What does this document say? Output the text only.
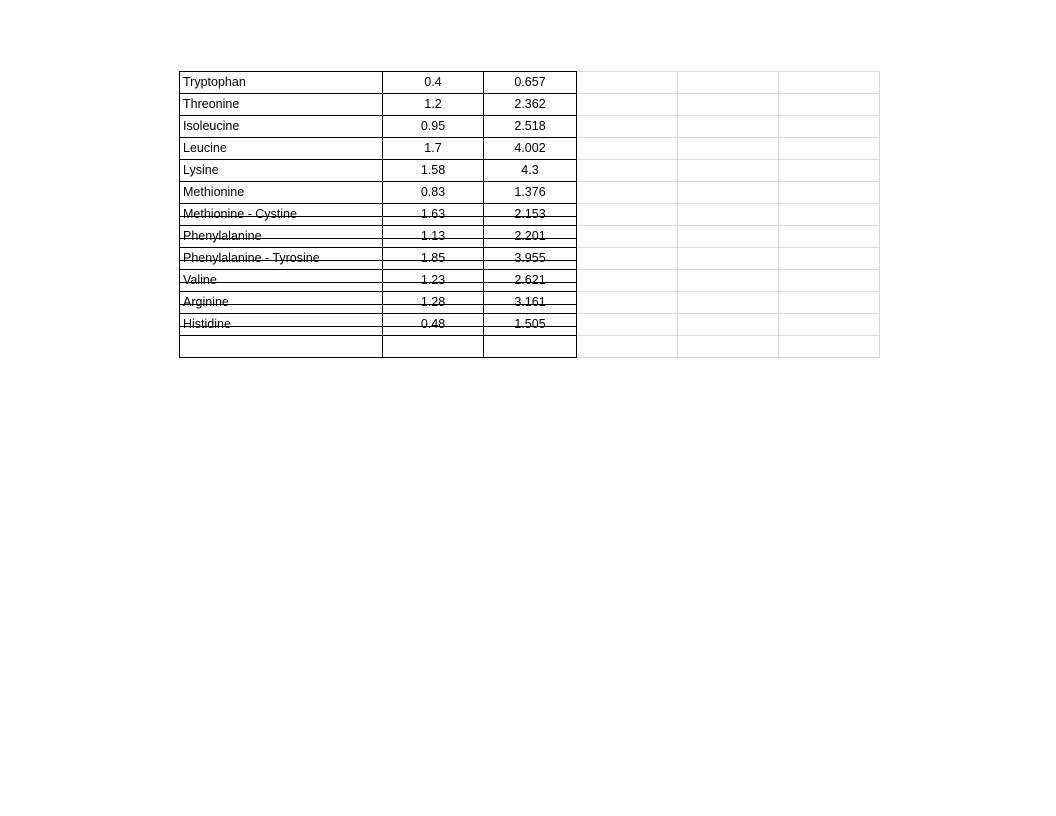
Tryptophan	0.4	0.657			
Threonine	1.2	2.362			
Isoleucine	0.95	2.518			
Leucine	1.7	4.002			
Lysine	1.58	4.3			
Methionine	0.83	1.376			
Methionine - Cystine	1.63	2.153			
Phenylalanine	1.13	2.201			
Phenylalanine - Tyrosine	1.85	3.955			
Valine	1.23	2.621			
Arginine	1.28	3.161			
Histidine	0.48	1.505			
